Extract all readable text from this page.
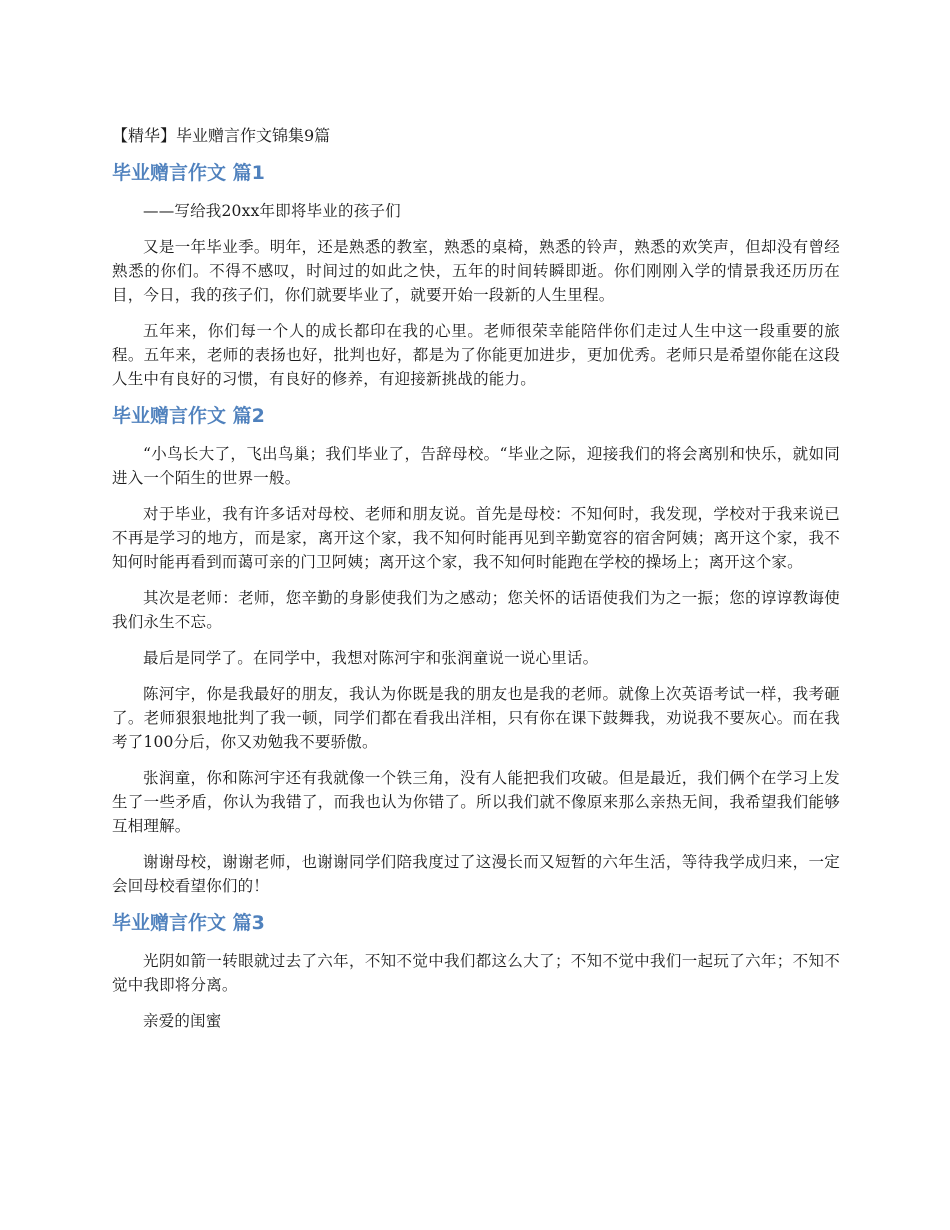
【精华】毕业赠言作文锦集9篇
毕业赠言作文 篇1

——写给我20xx年即将毕业的孩子们

又是一年毕业季。明年，还是熟悉的教室，熟悉的桌椅，熟悉的铃声，熟悉的欢笑声，但却没有曾经熟悉的你们。不得不感叹，时间过的如此之快，五年的时间转瞬即逝。你们刚刚入学的情景我还历历在目，今日，我的孩子们，你们就要毕业了，就要开始一段新的人生里程。

五年来，你们每一个人的成长都印在我的心里。老师很荣幸能陪伴你们走过人生中这一段重要的旅程。五年来，老师的表扬也好，批判也好，都是为了你能更加进步，更加优秀。老师只是希望你能在这段人生中有良好的习惯，有良好的修养，有迎接新挑战的能力。

毕业赠言作文 篇2

“小鸟长大了，飞出鸟巢；我们毕业了，告辞母校。“毕业之际，迎接我们的将会离别和快乐，就如同进入一个陌生的世界一般。

对于毕业，我有许多话对母校、老师和朋友说。首先是母校：不知何时，我发现，学校对于我来说已不再是学习的地方，而是家，离开这个家，我不知何时能再见到辛勤宽容的宿舍阿姨；离开这个家，我不知何时能再看到而蔼可亲的门卫阿姨；离开这个家，我不知何时能跑在学校的操场上；离开这个家。

其次是老师：老师，您辛勤的身影使我们为之感动；您关怀的话语使我们为之一振；您的谆谆教诲使我们永生不忘。

最后是同学了。在同学中，我想对陈河宇和张润童说一说心里话。

陈河宇，你是我最好的朋友，我认为你既是我的朋友也是我的老师。就像上次英语考试一样，我考砸了。老师狠狠地批判了我一顿，同学们都在看我出洋相，只有你在课下鼓舞我，劝说我不要灰心。而在我考了100分后，你又劝勉我不要骄傲。

张润童，你和陈河宇还有我就像一个铁三角，没有人能把我们攻破。但是最近，我们俩个在学习上发生了一些矛盾，你认为我错了，而我也认为你错了。所以我们就不像原来那么亲热无间，我希望我们能够互相理解。

谢谢母校，谢谢老师，也谢谢同学们陪我度过了这漫长而又短暂的六年生活，等待我学成归来，一定会回母校看望你们的！

毕业赠言作文 篇3

光阴如箭一转眼就过去了六年，不知不觉中我们都这么大了；不知不觉中我们一起玩了六年；不知不觉中我即将分离。

亲爱的闺蜜
